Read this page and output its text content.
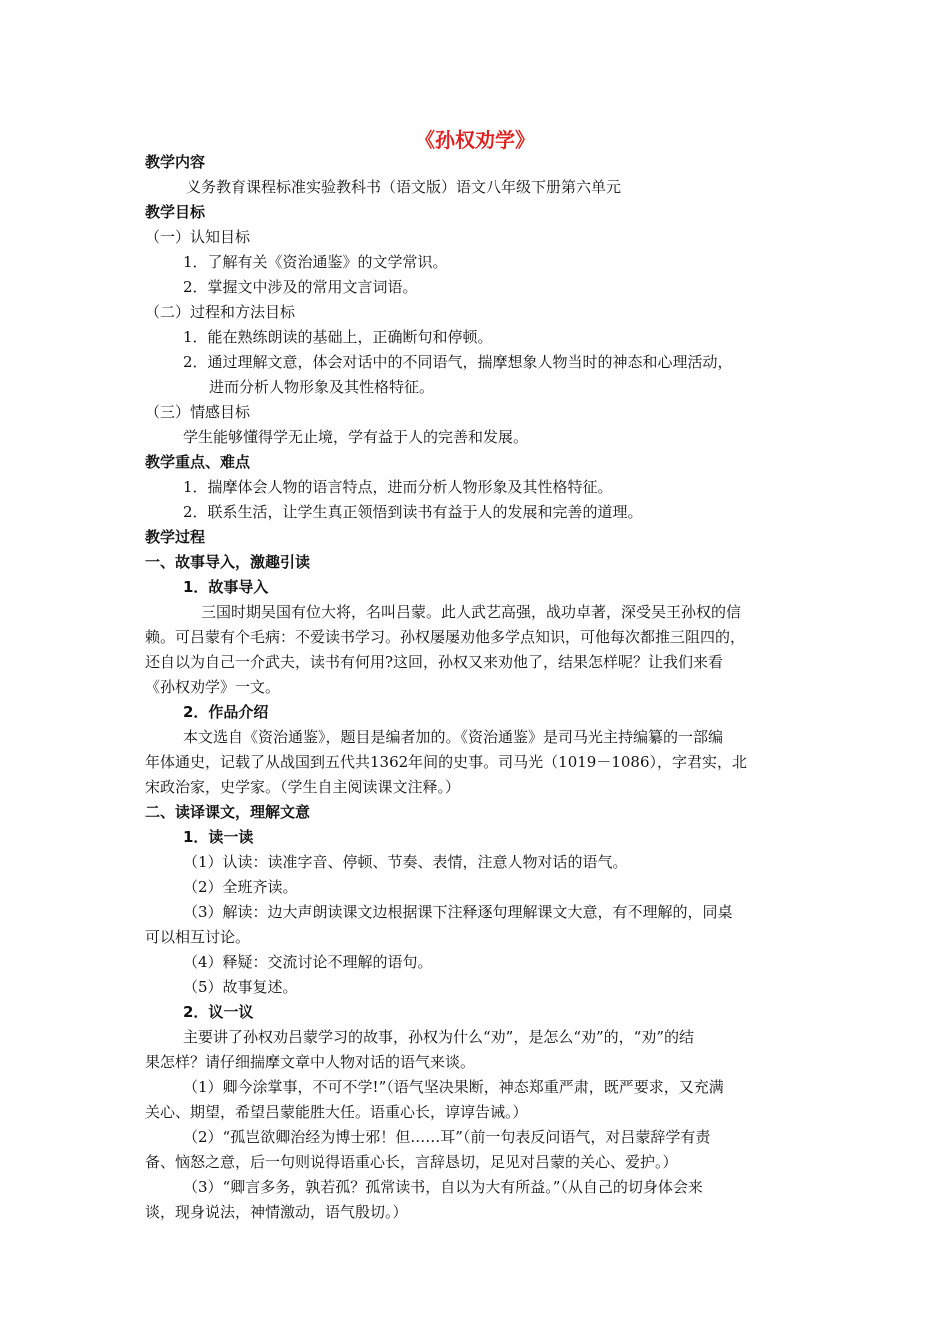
《孙权劝学》
教学内容
义务教育课程标准实验教科书（语文版）语文八年级下册第六单元
教学目标
（一）认知目标
1．了解有关《资治通鉴》的文学常识。
2．掌握文中涉及的常用文言词语。
（二）过程和方法目标
1．能在熟练朗读的基础上，正确断句和停顿。
2．通过理解文意，体会对话中的不同语气，揣摩想象人物当时的神态和心理活动，
进而分析人物形象及其性格特征。
（三）情感目标
学生能够懂得学无止境，学有益于人的完善和发展。
教学重点、难点
1．揣摩体会人物的语言特点，进而分析人物形象及其性格特征。
2．联系生活，让学生真正领悟到读书有益于人的发展和完善的道理。
教学过程
一、故事导入，激趣引读
1．故事导入
三国时期吴国有位大将，名叫吕蒙。此人武艺高强，战功卓著，深受吴王孙权的信
赖。可吕蒙有个毛病：不爱读书学习。孙权屡屡劝他多学点知识，可他每次都推三阻四的，
还自以为自己一介武夫，读书有何用?这回，孙权又来劝他了，结果怎样呢？让我们来看
《孙权劝学》一文。
2．作品介绍
本文选自《资治通鉴》，题目是编者加的。《资治通鉴》是司马光主持编纂的一部编
年体通史，记载了从战国到五代共1362年间的史事。司马光（1019－1086），字君实，北
宋政治家，史学家。（学生自主阅读课文注释。）
二、读译课文，理解文意
1．读一读
（1）认读：读准字音、停顿、节奏、表情，注意人物对话的语气。
（2）全班齐读。
（3）解读：边大声朗读课文边根据课下注释逐句理解课文大意，有不理解的，同桌
可以相互讨论。
（4）释疑：交流讨论不理解的语句。
（5）故事复述。
2．议一议
主要讲了孙权劝吕蒙学习的故事，孙权为什么“劝”，是怎么“劝”的，“劝”的结
果怎样？请仔细揣摩文章中人物对话的语气来谈。
（1）卿今涂掌事，不可不学!”（语气坚决果断，神态郑重严肃，既严要求，又充满
关心、期望，希望吕蒙能胜大任。语重心长，谆谆告诫。）
（2）“孤岂欲卿治经为博士邪！但……耳”（前一句表反问语气，对吕蒙辞学有责
备、恼怒之意，后一句则说得语重心长，言辞恳切，足见对吕蒙的关心、爱护。）
（3）“卿言多务，孰若孤？孤常读书，自以为大有所益。”（从自己的切身体会来
谈，现身说法，神情激动，语气殷切。）
